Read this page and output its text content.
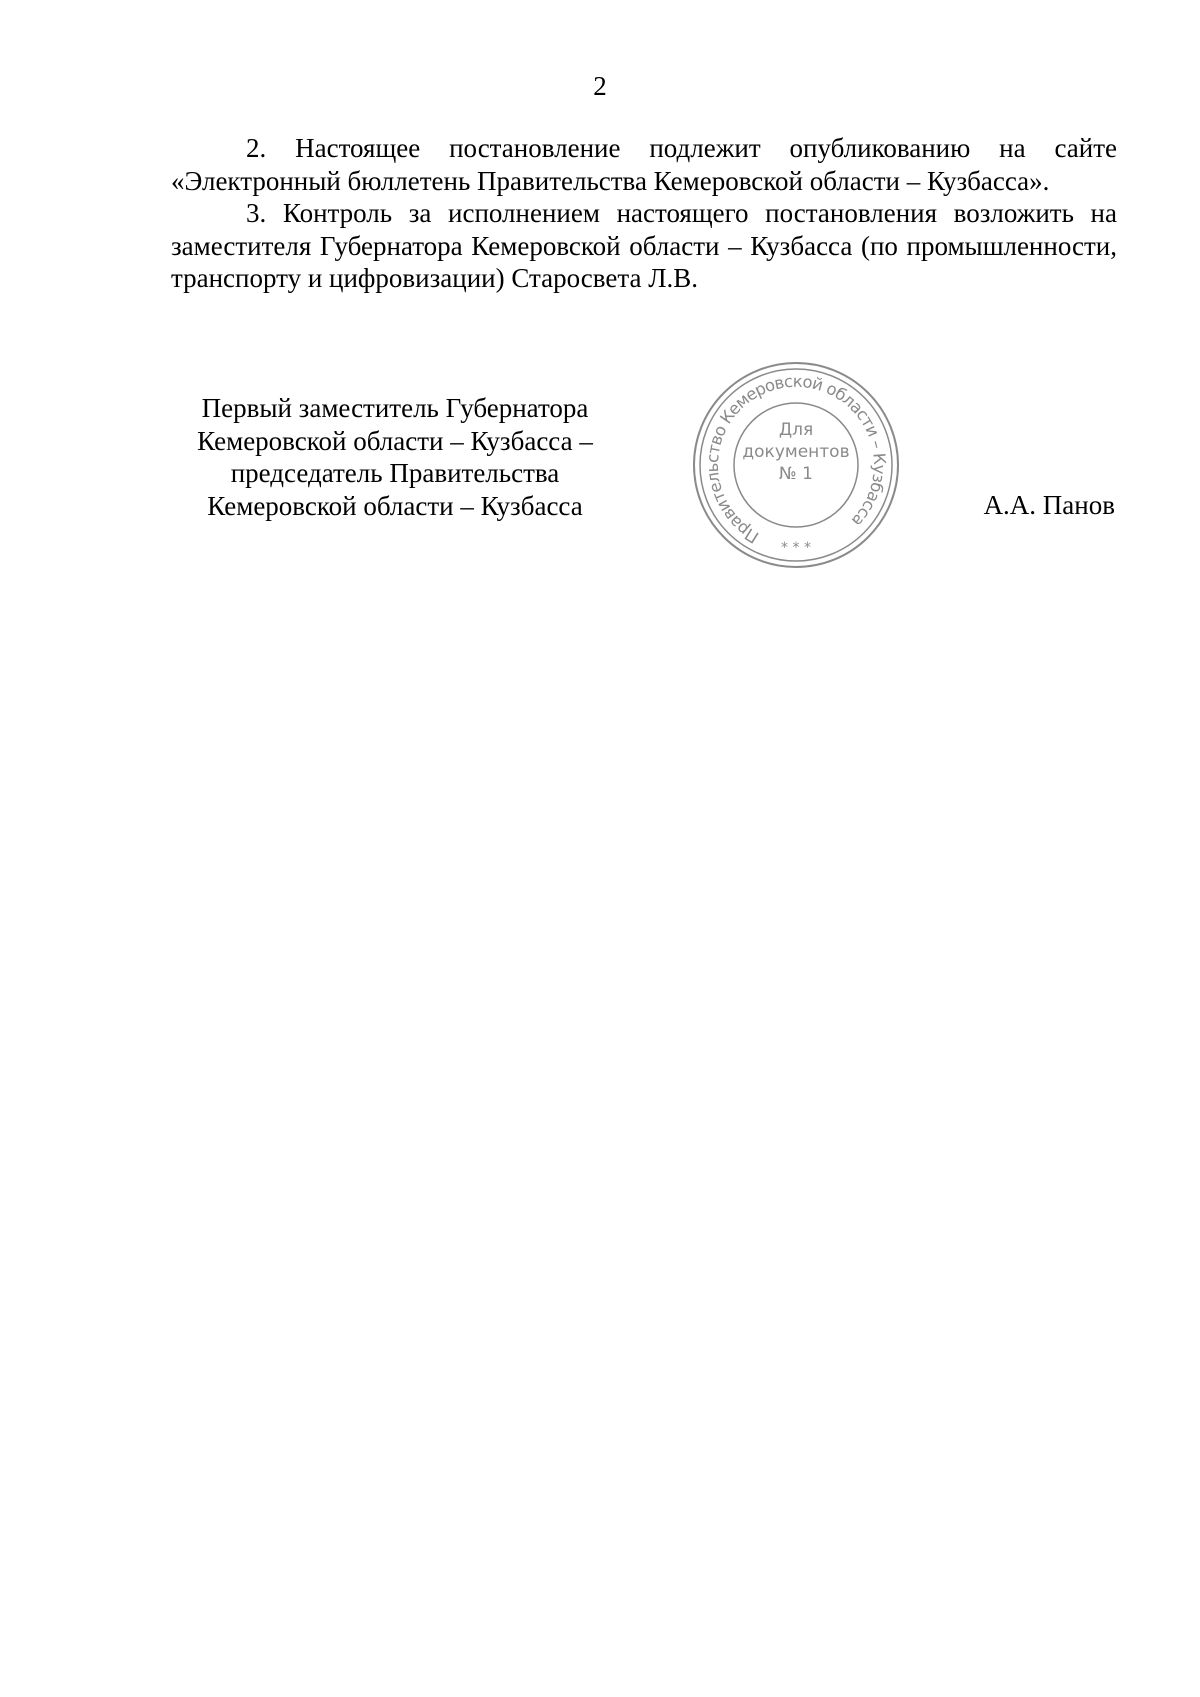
2

2. Настоящее постановление подлежит опубликованию на сайте «Электронный бюллетень Правительства Кемеровской области – Кузбасса».

3. Контроль за исполнением настоящего постановления возложить на заместителя Губернатора Кемеровской области – Кузбасса (по промышленности, транспорту и цифровизации) Старосвета Л.В.

Первый заместитель Губернатора
Кемеровской области – Кузбасса –
председатель Правительства
Кемеровской области – Кузбасса
Правительство Кемеровской области – Кузбасса
Для
документов
№ 1
* * *
А.А. Панов
